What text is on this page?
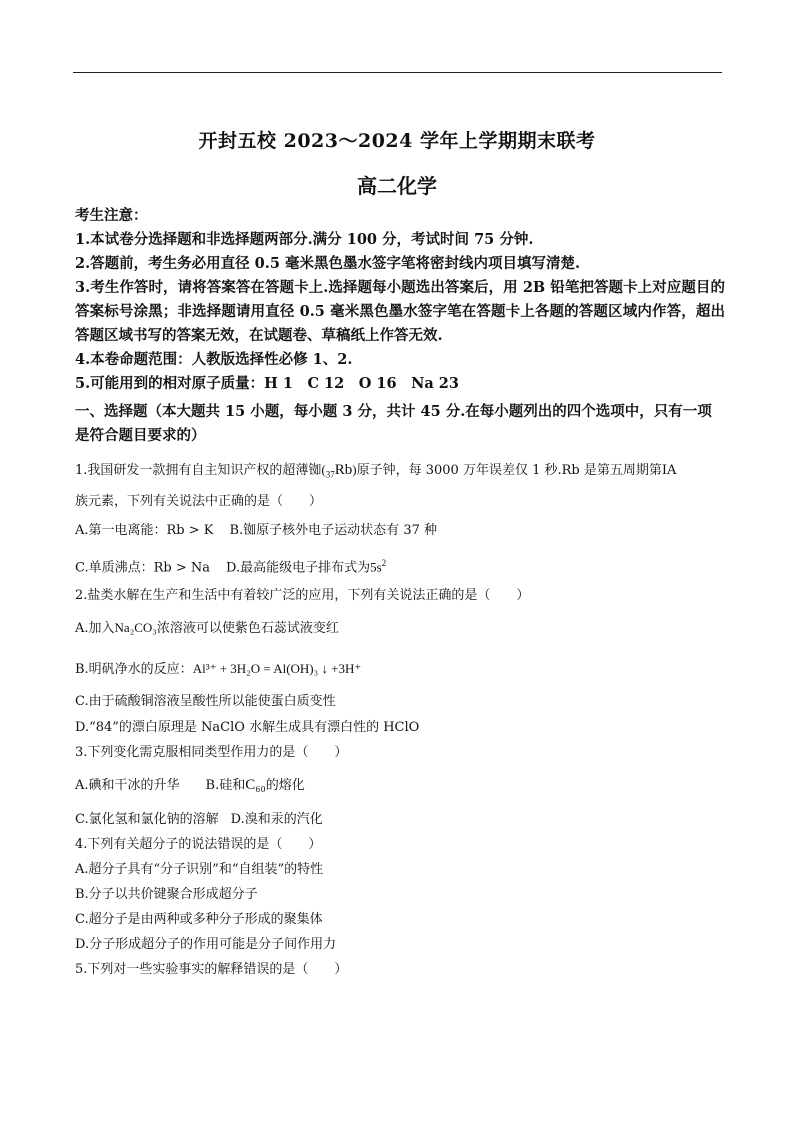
开封五校 2023～2024 学年上学期期末联考
高二化学
考生注意：
1.本试卷分选择题和非选择题两部分.满分 100 分，考试时间 75 分钟.
2.答题前，考生务必用直径 0.5 毫米黑色墨水签字笔将密封线内项目填写清楚.
3.考生作答时，请将答案答在答题卡上.选择题每小题选出答案后，用 2B 铅笔把答题卡上对应题目的答案标号涂黑；非选择题请用直径 0.5 毫米黑色墨水签字笔在答题卡上各题的答题区域内作答，超出答题区域书写的答案无效，在试题卷、草稿纸上作答无效.
4.本卷命题范围：人教版选择性必修 1、2.
5.可能用到的相对原子质量：H 1　C 12　O 16　Na 23
一、选择题（本大题共 15 小题，每小题 3 分，共计 45 分.在每小题列出的四个选项中，只有一项是符合题目要求的）
1.我国研发一款拥有自主知识产权的超薄铷$(_{37}Rb)$原子钟，每 3000 万年误差仅 1 秒.Rb 是第五周期第ⅠA
族元素，下列有关说法中正确的是（　　）
A.第一电离能：Rb > K B.铷原子核外电子运动状态有 37 种
C.单质沸点：Rb > Na D.最高能级电子排布式为$5s^2$
2.盐类水解在生产和生活中有着较广泛的应用，下列有关说法正确的是（　　）
A.加入Na₂CO₃浓溶液可以使紫色石蕊试液变红
B.明矾净水的反应：Al³⁺ + 3H₂O = Al(OH)₃ ↓ +3H⁺
C.由于硫酸铜溶液呈酸性所以能使蛋白质变性
D.“84”的漂白原理是 NaClO 水解生成具有漂白性的 HClO
3.下列变化需克服相同类型作用力的是（　　）
A.碘和干冰的升华 B.硅和C₆₀的熔化
C.氯化氢和氯化钠的溶解 D.溴和汞的汽化
4.下列有关超分子的说法错误的是（　　）
A.超分子具有“分子识别”和“自组装”的特性
B.分子以共价键聚合形成超分子
C.超分子是由两种或多种分子形成的聚集体
D.分子形成超分子的作用可能是分子间作用力
5.下列对一些实验事实的解释错误的是（　　）
